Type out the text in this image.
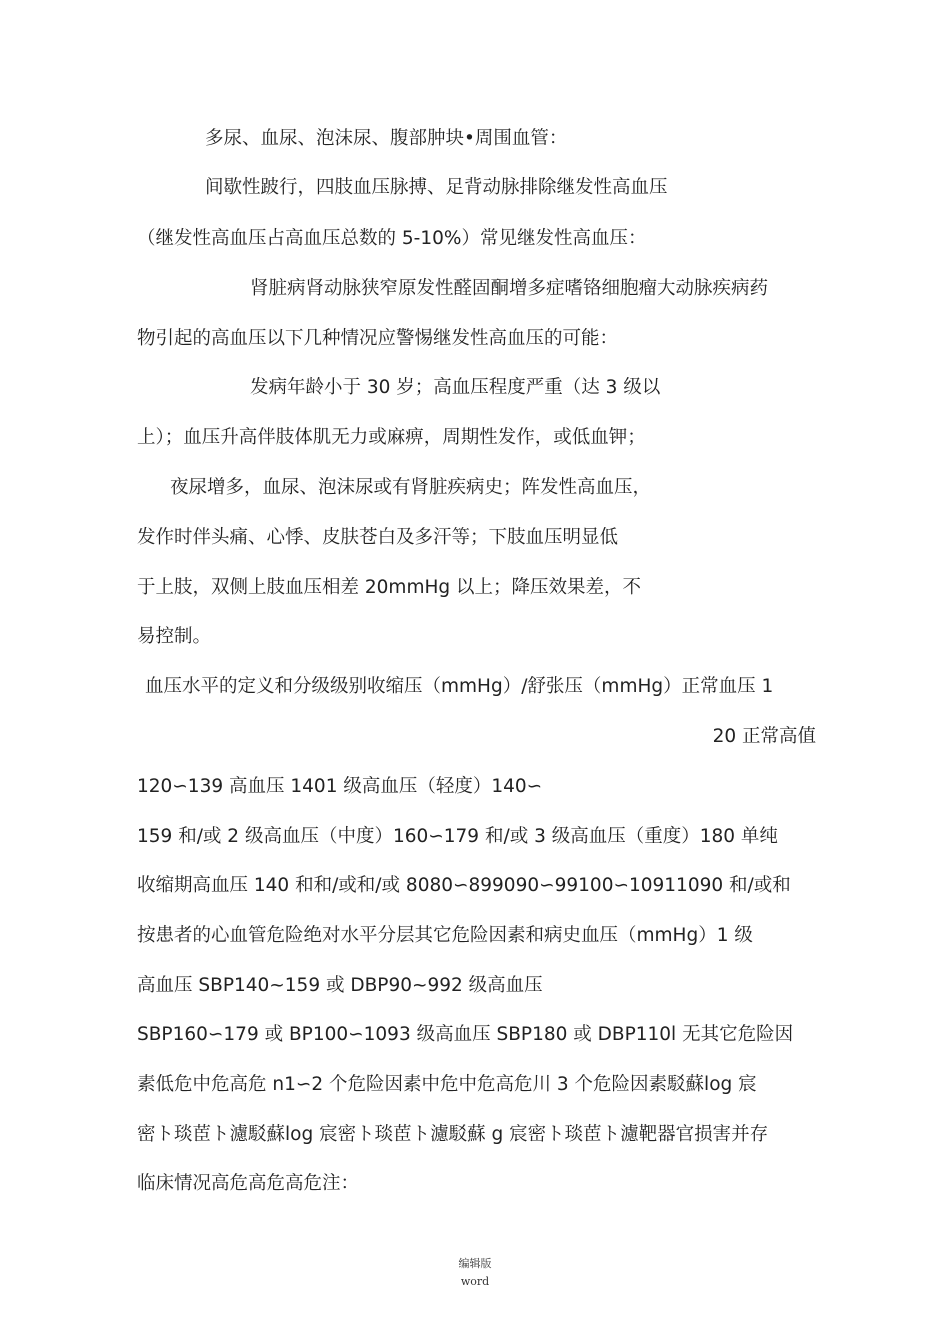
多尿、血尿、泡沫尿、腹部肿块•周围血管：
间歇性跛行，四肢血压脉搏、足背动脉排除继发性高血压
（继发性高血压占高血压总数的 5-10%）常见继发性高血压：
肾脏病肾动脉狭窄原发性醛固酮增多症嗜铬细胞瘤大动脉疾病药
物引起的高血压以下几种情况应警惕继发性高血压的可能：
发病年龄小于 30 岁；高血压程度严重（达 3 级以
上）；血压升高伴肢体肌无力或麻痹，周期性发作，或低血钾；
夜尿增多，血尿、泡沫尿或有肾脏疾病史；阵发性高血压，
发作时伴头痛、心悸、皮肤苍白及多汗等；下肢血压明显低
于上肢，双侧上肢血压相差 20mmHg 以上；降压效果差，不
易控制。
血压水平的定义和分级级别收缩压（mmHg）/舒张压（mmHg）正常血压 1
20 正常高值
120∽139 高血压 1401 级高血压（轻度）140∽
159 和/或 2 级高血压（中度）160∽179 和/或 3 级高血压（重度）180 单纯
收缩期高血压 140 和和/或和/或 8080∽899090∽99100∽10911090 和/或和
按患者的心血管危险绝对水平分层其它危险因素和病史血压（mmHg）1 级
高血压 SBP140~159 或 DBP90~992 级高血压
SBP160∽179 或 BP100∽1093 级高血压 SBP180 或 DBP110l 无其它危险因
素低危中危高危 n1∽2 个危险因素中危中危高危川 3 个危险因素駁蘇log 宸
密ト琰茞ト濾駁蘇log 宸密ト琰茞ト濾駁蘇 g 宸密ト琰茞ト濾靶器官损害并存
临床情况高危高危高危注：
编辑版
word
